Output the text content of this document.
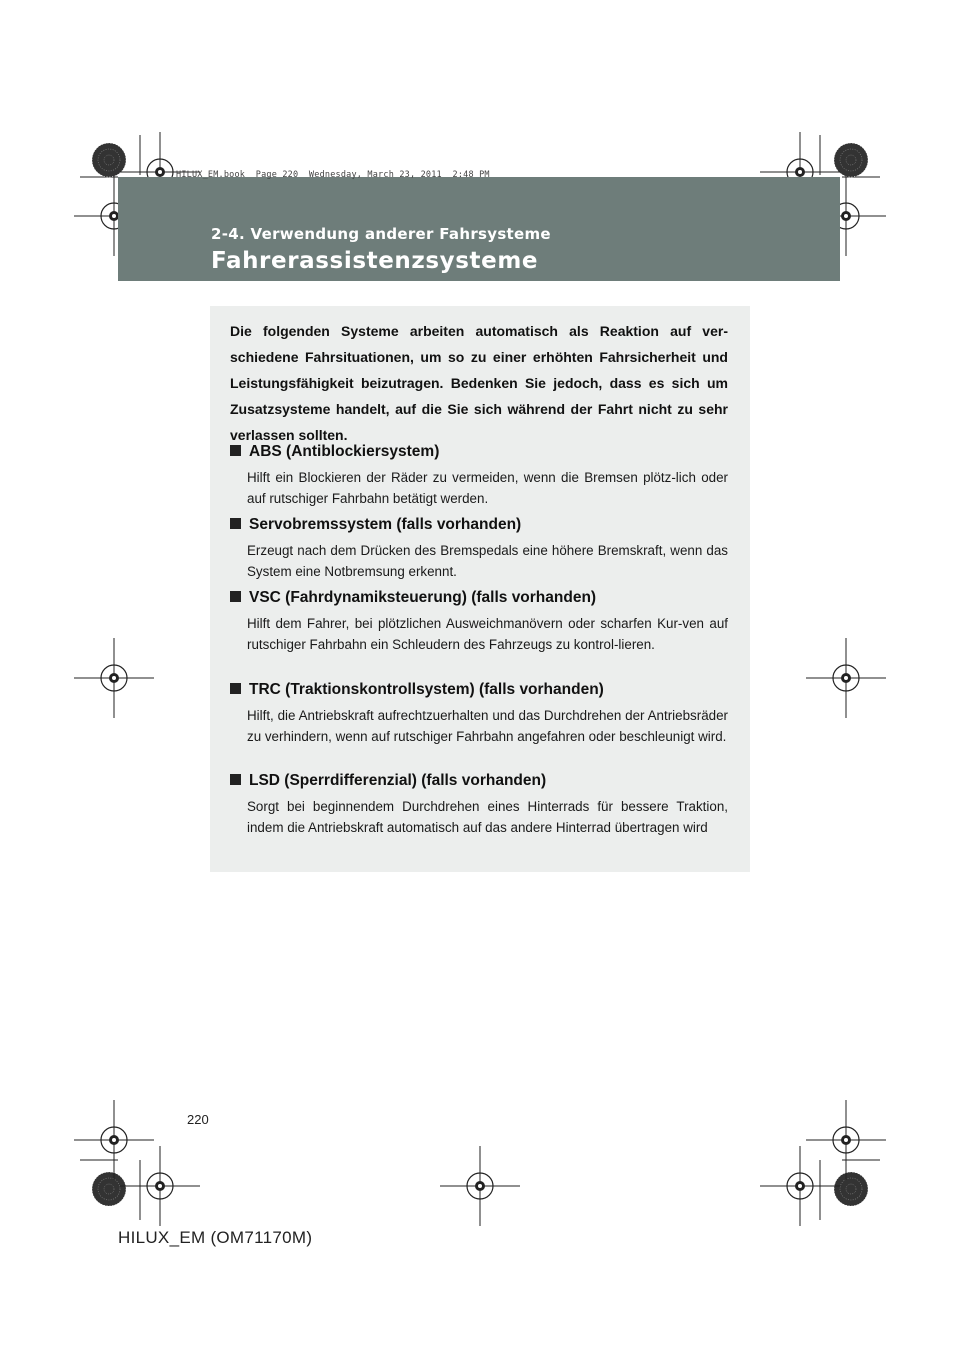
HILUX_EM.book  Page 220  Wednesday, March 23, 2011  2:48 PM
2-4. Verwendung anderer Fahrsysteme
Fahrerassistenzsysteme

Die folgenden Systeme arbeiten automatisch als Reaktion auf ver-schiedene Fahrsituationen, um so zu einer erhöhten Fahrsicherheit und Leistungsfähigkeit beizutragen. Bedenken Sie jedoch, dass es sich um Zusatzsysteme handelt, auf die Sie sich während der Fahrt nicht zu sehr verlassen sollten.

ABS (Antiblockiersystem)

Hilft ein Blockieren der Räder zu vermeiden, wenn die Bremsen plötz-lich oder auf rutschiger Fahrbahn betätigt werden.

Servobremssystem (falls vorhanden)

Erzeugt nach dem Drücken des Bremspedals eine höhere Bremskraft, wenn das System eine Notbremsung erkennt.

VSC (Fahrdynamiksteuerung) (falls vorhanden)

Hilft dem Fahrer, bei plötzlichen Ausweichmanövern oder scharfen Kur-ven auf rutschiger Fahrbahn ein Schleudern des Fahrzeugs zu kontrol-lieren.

TRC (Traktionskontrollsystem) (falls vorhanden)

Hilft, die Antriebskraft aufrechtzuerhalten und das Durchdrehen der Antriebsräder zu verhindern, wenn auf rutschiger Fahrbahn angefahren oder beschleunigt wird.

LSD (Sperrdifferenzial) (falls vorhanden)

Sorgt bei beginnendem Durchdrehen eines Hinterrads für bessere Traktion, indem die Antriebskraft automatisch auf das andere Hinterrad übertragen wird

220
HILUX_EM (OM71170M)
